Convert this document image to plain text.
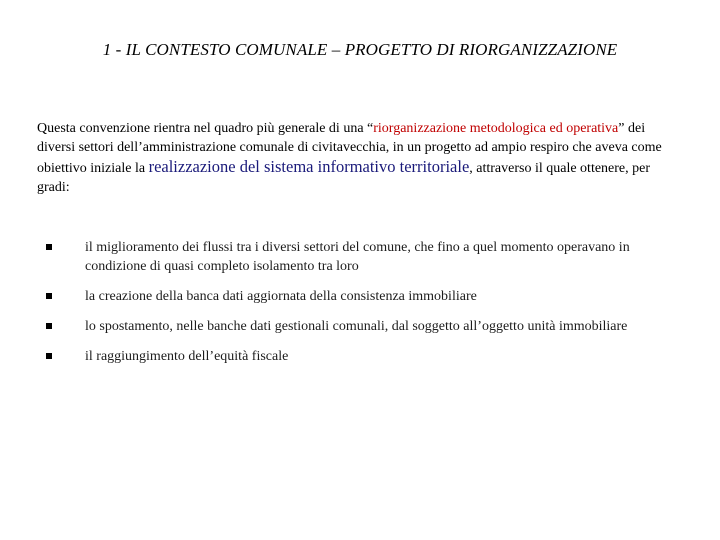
1 - IL CONTESTO COMUNALE – PROGETTO DI RIORGANIZZAZIONE
Questa convenzione rientra nel quadro più generale di una “riorganizzazione metodologica ed operativa” dei diversi settori dell’amministrazione comunale di civitavecchia, in un progetto ad ampio respiro che aveva come obiettivo iniziale la realizzazione del sistema informativo territoriale, attraverso il quale ottenere, per gradi:
il miglioramento dei flussi tra i diversi settori del comune, che fino a quel momento operavano in condizione di quasi completo isolamento tra loro
la creazione della banca dati aggiornata della consistenza immobiliare
lo spostamento, nelle banche dati gestionali comunali, dal soggetto all’oggetto unità immobiliare
il raggiungimento dell’equità fiscale
